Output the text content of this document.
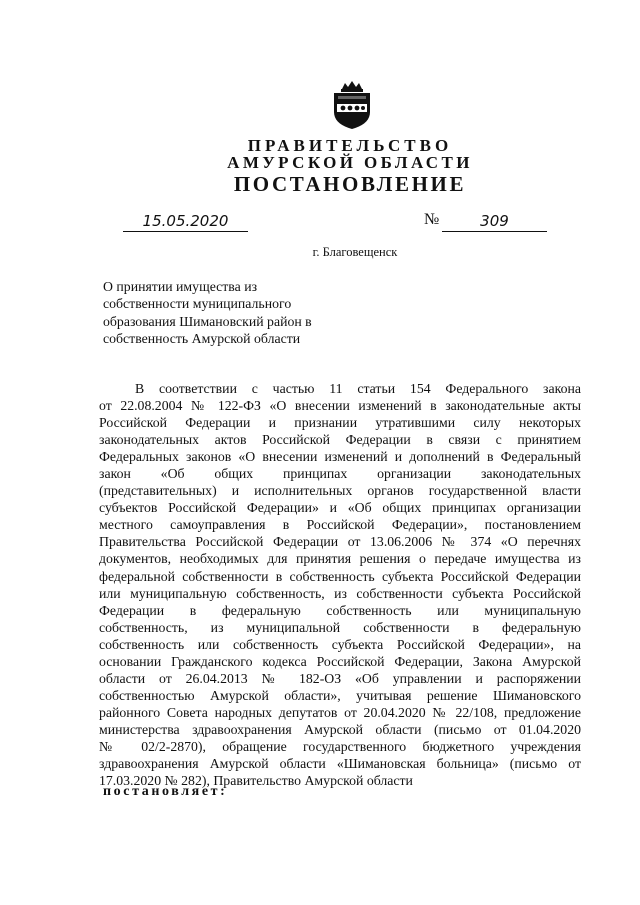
ПРАВИТЕЛЬСТВО
АМУРСКОЙ ОБЛАСТИ
ПОСТАНОВЛЕНИЕ
15.05.2020	№	309
г. Благовещенск
О принятии имущества из
собственности муниципального
образования Шимановский район в
собственность Амурской области
В соответствии с частью 11 статьи 154 Федерального закона
от 22.08.2004 № 122-ФЗ «О внесении изменений в законодательные акты
Российской Федерации и признании утратившими силу некоторых
законодательных актов Российской Федерации в связи с принятием
Федеральных законов «О внесении изменений и дополнений в Федеральный
закон «Об общих принципах организации законодательных
(представительных) и исполнительных органов государственной власти
субъектов Российской Федерации» и «Об общих принципах организации
местного самоуправления в Российской Федерации», постановлением
Правительства Российской Федерации от 13.06.2006 № 374 «О перечнях
документов, необходимых для принятия решения о передаче имущества из
федеральной собственности в собственность субъекта Российской Федерации
или муниципальную собственность, из собственности субъекта Российской
Федерации в федеральную собственность или муниципальную
собственность, из муниципальной собственности в федеральную
собственность или собственность субъекта Российской Федерации», на
основании Гражданского кодекса Российской Федерации, Закона Амурской
области от 26.04.2013 № 182-ОЗ «Об управлении и распоряжении
собственностью Амурской области», учитывая решение Шимановского
районного Совета народных депутатов от 20.04.2020 № 22/108, предложение
министерства здравоохранения Амурской области (письмо от 01.04.2020
№ 02/2-2870), обращение государственного бюджетного учреждения
здравоохранения Амурской области «Шимановская больница» (письмо от
17.03.2020 № 282), Правительство Амурской области
постановляет:
